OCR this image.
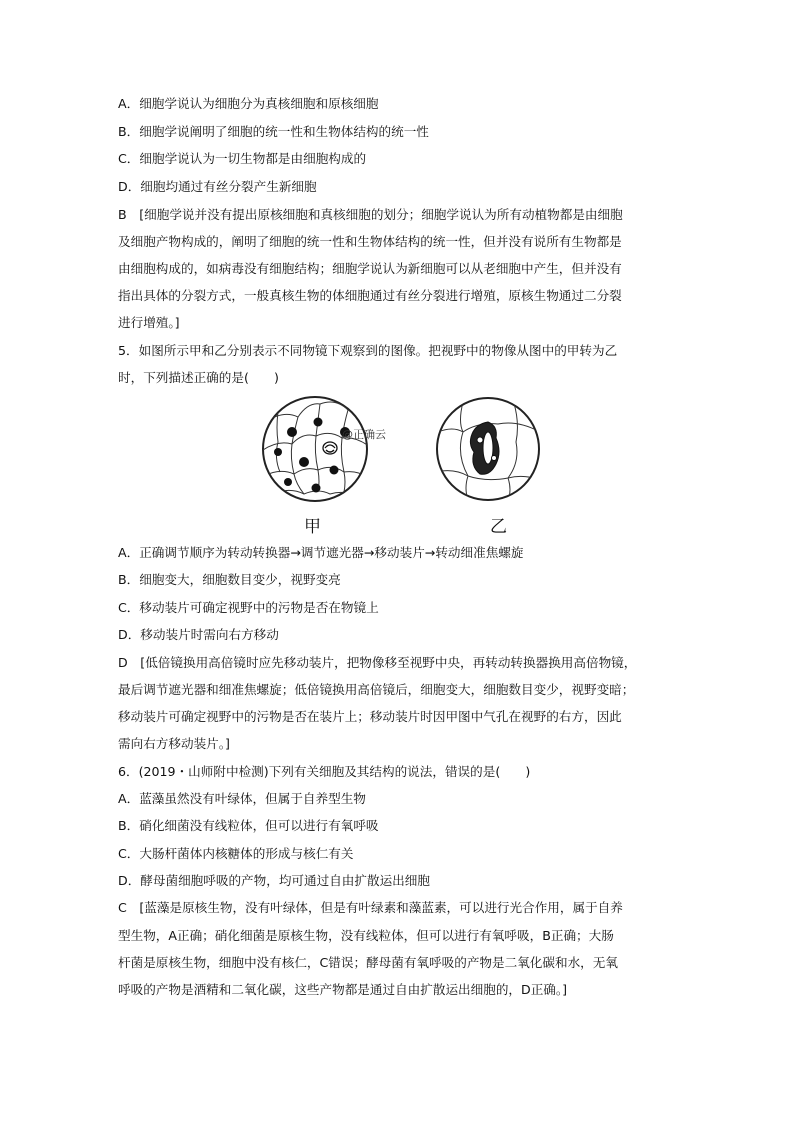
A．细胞学说认为细胞分为真核细胞和原核细胞
B．细胞学说阐明了细胞的统一性和生物体结构的统一性
C．细胞学说认为一切生物都是由细胞构成的
D．细胞均通过有丝分裂产生新细胞
B　[细胞学说并没有提出原核细胞和真核细胞的划分；细胞学说认为所有动植物都是由细胞
及细胞产物构成的，阐明了细胞的统一性和生物体结构的统一性，但并没有说所有生物都是
由细胞构成的，如病毒没有细胞结构；细胞学说认为新细胞可以从老细胞中产生，但并没有
指出具体的分裂方式，一般真核生物的体细胞通过有丝分裂进行增殖，原核生物通过二分裂
进行增殖。]
5．如图所示甲和乙分别表示不同物镜下观察到的图像。把视野中的物像从图中的甲转为乙
时，下列描述正确的是(　　)
甲	乙
@正确云
A．正确调节顺序为转动转换器→调节遮光器→移动装片→转动细准焦螺旋
B．细胞变大，细胞数目变少，视野变亮
C．移动装片可确定视野中的污物是否在物镜上
D．移动装片时需向右方移动
D　[低倍镜换用高倍镜时应先移动装片，把物像移至视野中央，再转动转换器换用高倍物镜，
最后调节遮光器和细准焦螺旋；低倍镜换用高倍镜后，细胞变大，细胞数目变少，视野变暗；
移动装片可确定视野中的污物是否在装片上；移动装片时因甲图中气孔在视野的右方，因此
需向右方移动装片。]
6．(2019・山师附中检测)下列有关细胞及其结构的说法，错误的是(　　)
A．蓝藻虽然没有叶绿体，但属于自养型生物
B．硝化细菌没有线粒体，但可以进行有氧呼吸
C．大肠杆菌体内核糖体的形成与核仁有关
D．酵母菌细胞呼吸的产物，均可通过自由扩散运出细胞
C　[蓝藻是原核生物，没有叶绿体，但是有叶绿素和藻蓝素，可以进行光合作用，属于自养
型生物，A正确；硝化细菌是原核生物，没有线粒体，但可以进行有氧呼吸，B正确；大肠
杆菌是原核生物，细胞中没有核仁，C错误；酵母菌有氧呼吸的产物是二氧化碳和水，无氧
呼吸的产物是酒精和二氧化碳，这些产物都是通过自由扩散运出细胞的，D正确。]
